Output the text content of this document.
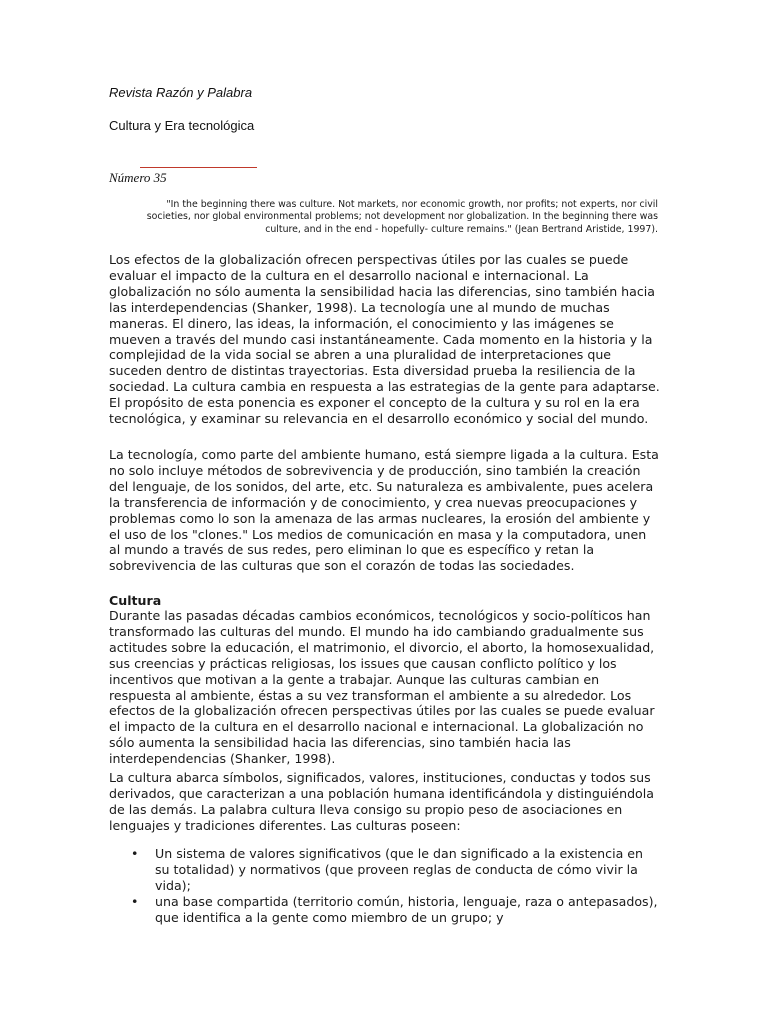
Revista Razón y Palabra
Cultura y Era tecnológica
Número 35
"In the beginning there was culture. Not markets, nor economic growth, nor profits; not experts, nor civil societies, nor global environmental problems; not development nor globalization. In the beginning there was culture, and in the end - hopefully- culture remains." (Jean Bertrand Aristide, 1997).

Los efectos de la globalización ofrecen perspectivas útiles por las cuales se puede evaluar el impacto de la cultura en el desarrollo nacional e internacional. La globalización no sólo aumenta la sensibilidad hacia las diferencias, sino también hacia las interdependencias (Shanker, 1998). La tecnología une al mundo de muchas maneras. El dinero, las ideas, la información, el conocimiento y las imágenes se mueven a través del mundo casi instantáneamente. Cada momento en la historia y la complejidad de la vida social se abren a una pluralidad de interpretaciones que suceden dentro de distintas trayectorias. Esta diversidad prueba la resiliencia de la sociedad. La cultura cambia en respuesta a las estrategias de la gente para adaptarse. El propósito de esta ponencia es exponer el concepto de la cultura y su rol en la era tecnológica, y examinar su relevancia en el desarrollo económico y social del mundo.

La tecnología, como parte del ambiente humano, está siempre ligada a la cultura. Esta no solo incluye métodos de sobrevivencia y de producción, sino también la creación del lenguaje, de los sonidos, del arte, etc. Su naturaleza es ambivalente, pues acelera la transferencia de información y de conocimiento, y crea nuevas preocupaciones y problemas como lo son la amenaza de las armas nucleares, la erosión del ambiente y el uso de los "clones." Los medios de comunicación en masa y la computadora, unen al mundo a través de sus redes, pero eliminan lo que es específico y retan la sobrevivencia de las culturas que son el corazón de todas las sociedades.

Cultura

Durante las pasadas décadas cambios económicos, tecnológicos y socio-políticos han transformado las culturas del mundo. El mundo ha ido cambiando gradualmente sus actitudes sobre la educación, el matrimonio, el divorcio, el aborto, la homosexualidad, sus creencias y prácticas religiosas, los issues que causan conflicto político y los incentivos que motivan a la gente a trabajar. Aunque las culturas cambian en respuesta al ambiente, éstas a su vez transforman el ambiente a su alrededor. Los efectos de la globalización ofrecen perspectivas útiles por las cuales se puede evaluar el impacto de la cultura en el desarrollo nacional e internacional. La globalización no sólo aumenta la sensibilidad hacia las diferencias, sino también hacia las interdependencias (Shanker, 1998).

La cultura abarca símbolos, significados, valores, instituciones, conductas y todos sus derivados, que caracterizan a una población humana identificándola y distinguiéndola de las demás. La palabra cultura lleva consigo su propio peso de asociaciones en lenguajes y tradiciones diferentes. Las culturas poseen:

• Un sistema de valores significativos (que le dan significado a la existencia en su totalidad) y normativos (que proveen reglas de conducta de cómo vivir la vida);
• una base compartida (territorio común, historia, lenguaje, raza o antepasados), que identifica a la gente como miembro de un grupo; y
